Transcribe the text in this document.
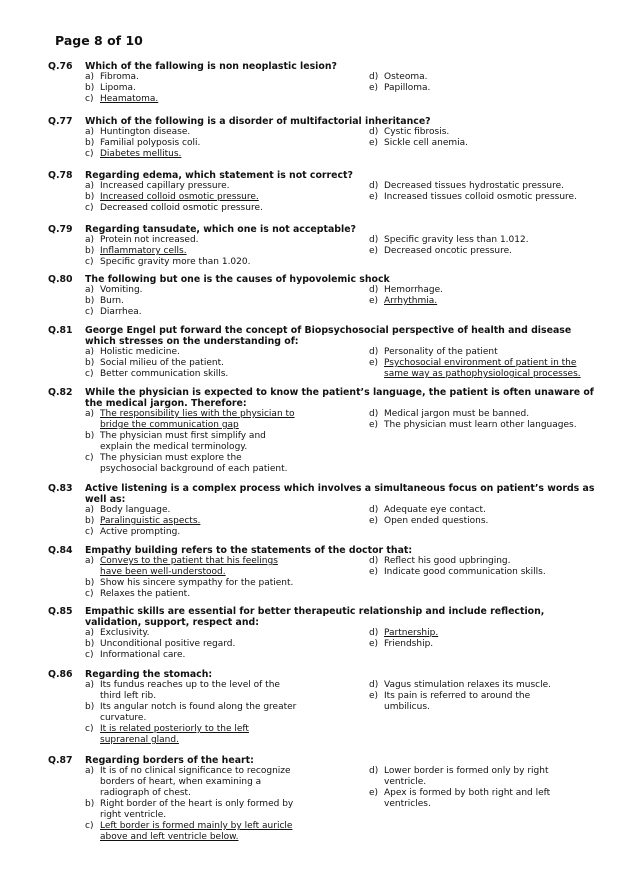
Page 8 of 10
Q.76 Which of the fallowing is non neoplastic lesion?
a) Fibroma.
b) Lipoma.
c) Heamatoma.
d) Osteoma.
e) Papilloma.
Q.77 Which of the following is a disorder of multifactorial inheritance?
a) Huntington disease.
b) Familial polyposis coli.
c) Diabetes mellitus.
d) Cystic fibrosis.
e) Sickle cell anemia.
Q.78 Regarding edema, which statement is not correct?
a) Increased capillary pressure.
b) Increased colloid osmotic pressure.
c) Decreased colloid osmotic pressure.
d) Decreased tissues hydrostatic pressure.
e) Increased tissues colloid osmotic pressure.
Q.79 Regarding tansudate, which one is not acceptable?
a) Protein not increased.
b) Inflammatory cells.
c) Specific gravity more than 1.020.
d) Specific gravity less than 1.012.
e) Decreased oncotic pressure.
Q.80 The following but one is the causes of hypovolemic shock
a) Vomiting.
b) Burn.
c) Diarrhea.
d) Hemorrhage.
e) Arrhythmia.
Q.81 George Engel put forward the concept of Biopsychosocial perspective of health and disease which stresses on the understanding of:
a) Holistic medicine.
b) Social milieu of the patient.
c) Better communication skills.
d) Personality of the patient
e) Psychosocial environment of patient in the same way as pathophysiological processes.
Q.82 While the physician is expected to know the patient’s language, the patient is often unaware of the medical jargon. Therefore:
a) The responsibility lies with the physician to bridge the communication gap
b) The physician must first simplify and explain the medical terminology.
c) The physician must explore the psychosocial background of each patient.
d) Medical jargon must be banned.
e) The physician must learn other languages.
Q.83 Active listening is a complex process which involves a simultaneous focus on patient’s words as well as:
a) Body language.
b) Paralinguistic aspects.
c) Active prompting.
d) Adequate eye contact.
e) Open ended questions.
Q.84 Empathy building refers to the statements of the doctor that:
a) Conveys to the patient that his feelings have been well-understood.
b) Show his sincere sympathy for the patient.
c) Relaxes the patient.
d) Reflect his good upbringing.
e) Indicate good communication skills.
Q.85 Empathic skills are essential for better therapeutic relationship and include reflection, validation, support, respect and:
a) Exclusivity.
b) Unconditional positive regard.
c) Informational care.
d) Partnership.
e) Friendship.
Q.86 Regarding the stomach:
a) Its fundus reaches up to the level of the third left rib.
b) Its angular notch is found along the greater curvature.
c) It is related posteriorly to the left suprarenal gland.
d) Vagus stimulation relaxes its muscle.
e) Its pain is referred to around the umbilicus.
Q.87 Regarding borders of the heart:
a) It is of no clinical significance to recognize borders of heart, when examining a radiograph of chest.
b) Right border of the heart is only formed by right ventricle.
c) Left border is formed mainly by left auricle above and left ventricle below.
d) Lower border is formed only by right ventricle.
e) Apex is formed by both right and left ventricles.
